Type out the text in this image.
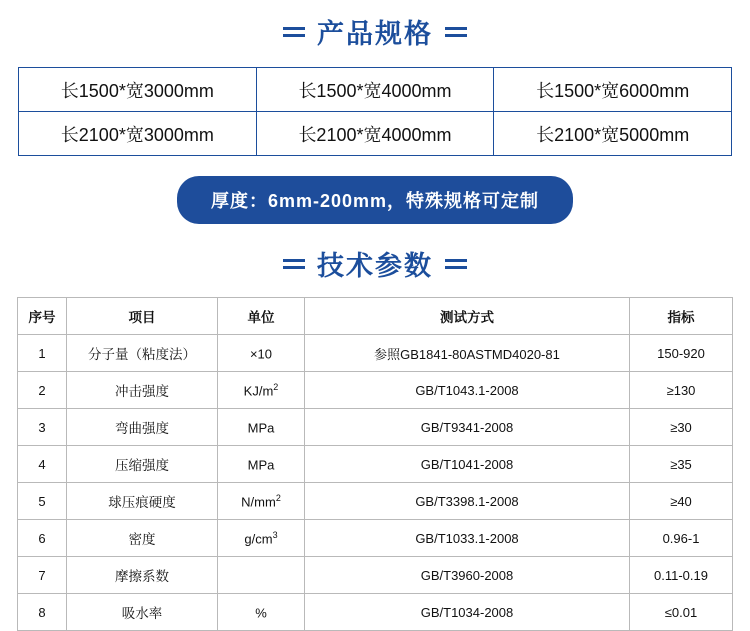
产品规格
长1500*宽3000mm	长1500*宽4000mm	长1500*宽6000mm
长2100*宽3000mm	长2100*宽4000mm	长2100*宽5000mm
厚度：6mm-200mm，特殊规格可定制
技术参数
序号	项目	单位	测试方式	指标
1	分子量（粘度法）	×10	参照GB1841-80ASTMD4020-81	150-920
2	冲击强度	$KJ/m^2$	GB/T1043.1-2008	≥130
3	弯曲强度	MPa	GB/T9341-2008	≥30
4	压缩强度	MPa	GB/T1041-2008	≥35
5	球压痕硬度	$N/mm^2$	GB/T3398.1-2008	≥40
6	密度	$g/cm^3$	GB/T1033.1-2008	0.96-1
7	摩擦系数		GB/T3960-2008	0.11-0.19
8	吸水率	%	GB/T1034-2008	≤0.01
